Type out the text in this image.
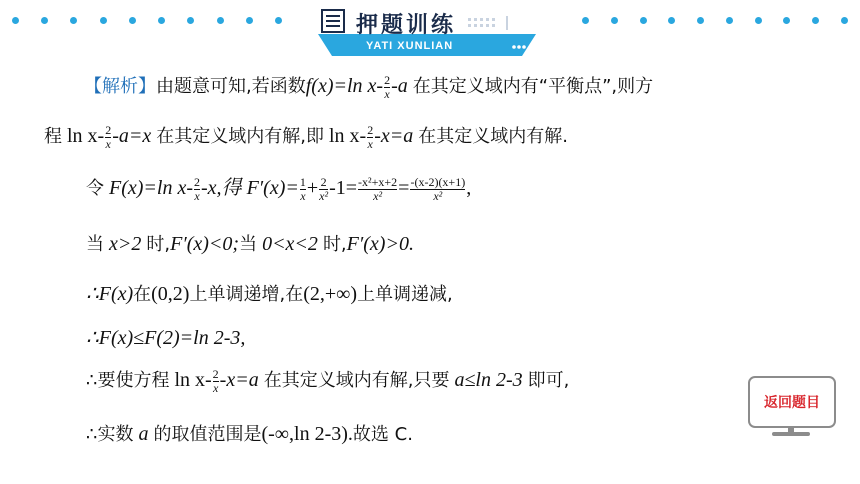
押题训练
YATI XUNLIAN
【解析】由题意可知,若函数f(x)=ln $x- \frac{2}{x} -a$ 在其定义域内有“平衡点”,则方
程 $\ln x- \frac{2}{x} -a=x$ 在其定义域内有解,即 $\ln x- \frac{2}{x} -x=a$ 在其定义域内有解.
令 F(x)=ln $x- \frac{2}{x} -x$,得 $F'(x)= \frac{1}{x} + \frac{2}{\text{x²}} -1= \frac{\text{-x²+x+2}}{\text{x²}} = \frac{-(x-2)(x+1)}{\text{x²}}$ ,
当 x>2 时,F′(x)<0;当 0<x<2 时,F′(x)>0.
∴F(x)在(0,2)上单调递增,在(2,+∞)上单调递减,
∴F(x)≤F(2)=ln 2-3,
∴要使方程 $\ln x- \frac{2}{x} -x=a$ 在其定义域内有解,只要 a≤ln 2-3 即可,
∴实数 a 的取值范围是(-∞,ln 2-3).故选 C.
返回题目
